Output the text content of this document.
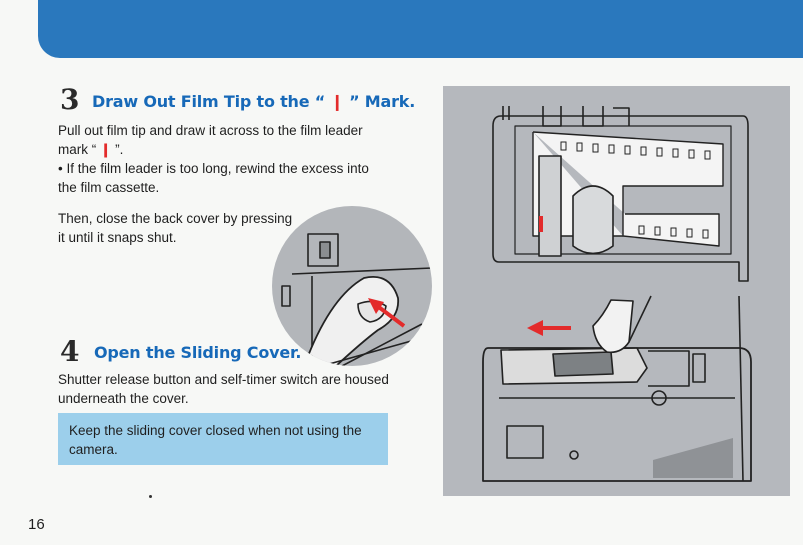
3 Draw Out Film Tip to the “ ❙ ” Mark.
Pull out film tip and draw it across to the film leader
mark “ ❙ ”.
• If the film leader is too long, rewind the excess into
the film cassette.
Then, close the back cover by pressing
it until it snaps shut.
4 Open the Sliding Cover.
Shutter release button and self-timer switch are housed
underneath the cover.
Keep the sliding cover closed when not using the
camera.
16
